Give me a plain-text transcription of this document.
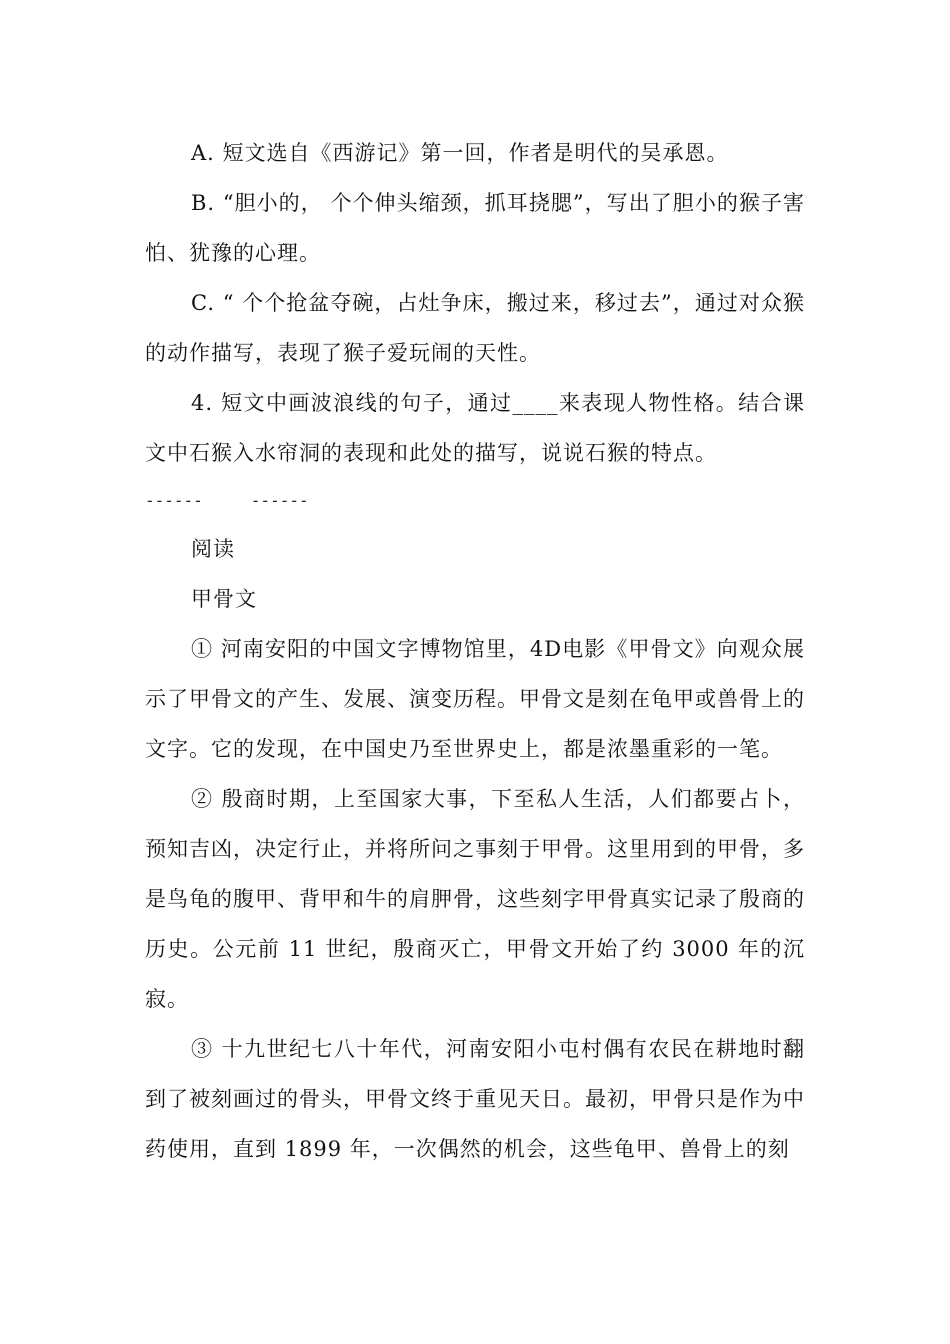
A. 短文选自《西游记》第一回，作者是明代的吴承恩。

B. “胆小的， 个个伸头缩颈，抓耳挠腮”，写出了胆小的猴子害怕、犹豫的心理。

C. “ 个个抢盆夺碗，占灶争床，搬过来，移过去”，通过对众猴的动作描写，表现了猴子爱玩闹的天性。

4. 短文中画波浪线的句子，通过____来表现人物性格。结合课文中石猴入水帘洞的表现和此处的描写，说说石猴的特点。

------	------

阅读

甲骨文

① 河南安阳的中国文字博物馆里，4D电影《甲骨文》向观众展示了甲骨文的产生、发展、演变历程。甲骨文是刻在龟甲或兽骨上的文字。它的发现，在中国史乃至世界史上，都是浓墨重彩的一笔。

② 殷商时期，上至国家大事，下至私人生活，人们都要占卜，预知吉凶，决定行止，并将所问之事刻于甲骨。这里用到的甲骨，多是鸟龟的腹甲、背甲和牛的肩胛骨，这些刻字甲骨真实记录了殷商的历史。公元前 11 世纪，殷商灭亡，甲骨文开始了约 3000 年的沉寂。

③ 十九世纪七八十年代，河南安阳小屯村偶有农民在耕地时翻到了被刻画过的骨头，甲骨文终于重见天日。最初，甲骨只是作为中药使用，直到 1899 年，一次偶然的机会，这些龟甲、兽骨上的刻
